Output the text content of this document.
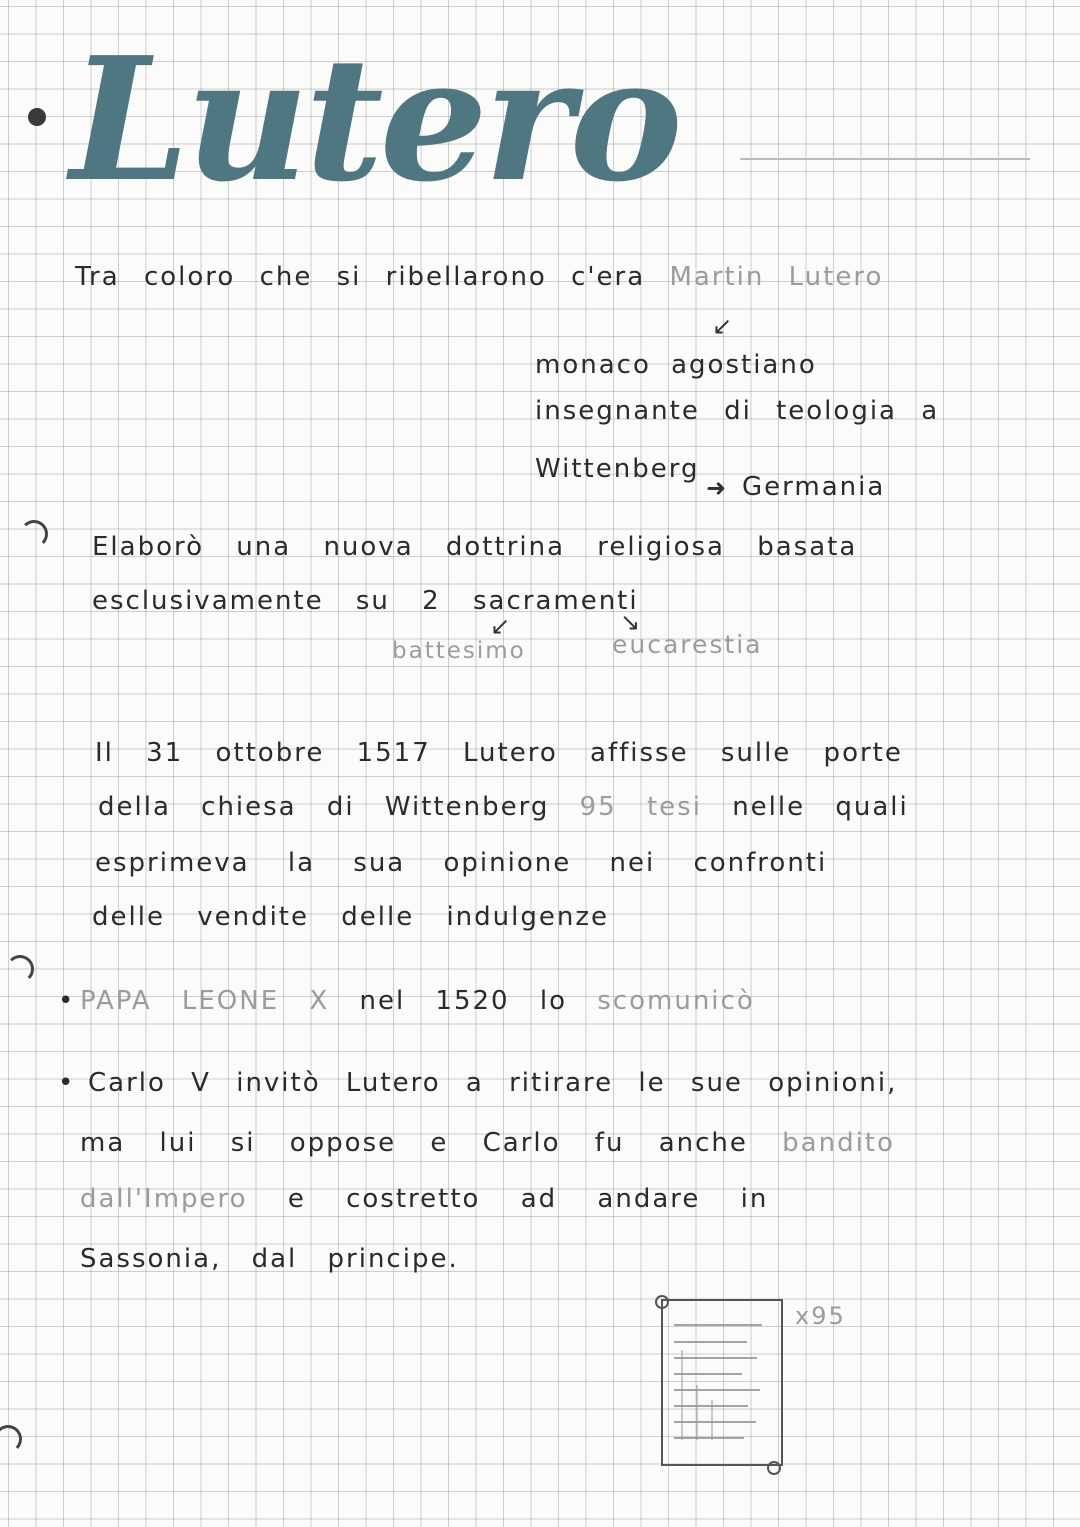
Lutero
Tra coloro che si ribellarono c'era Martin Lutero
↙
monaco agostiano
insegnante di teologia a
Wittenberg
➜ Germania
Elaborò una nuova dottrina religiosa basata
esclusivamente su 2 sacramenti
↙	↘
battesimo	eucarestia
Il 31 ottobre 1517 Lutero affisse sulle porte
della chiesa di Wittenberg 95 tesi nelle quali
esprimeva la sua opinione nei confronti
delle vendite delle indulgenze
• PAPA LEONE X nel 1520 lo scomunicò
• Carlo V invitò Lutero a ritirare le sue opinioni,
ma lui si oppose e Carlo fu anche bandito
dall'Impero e costretto ad andare in
Sassonia, dal principe.
x95
